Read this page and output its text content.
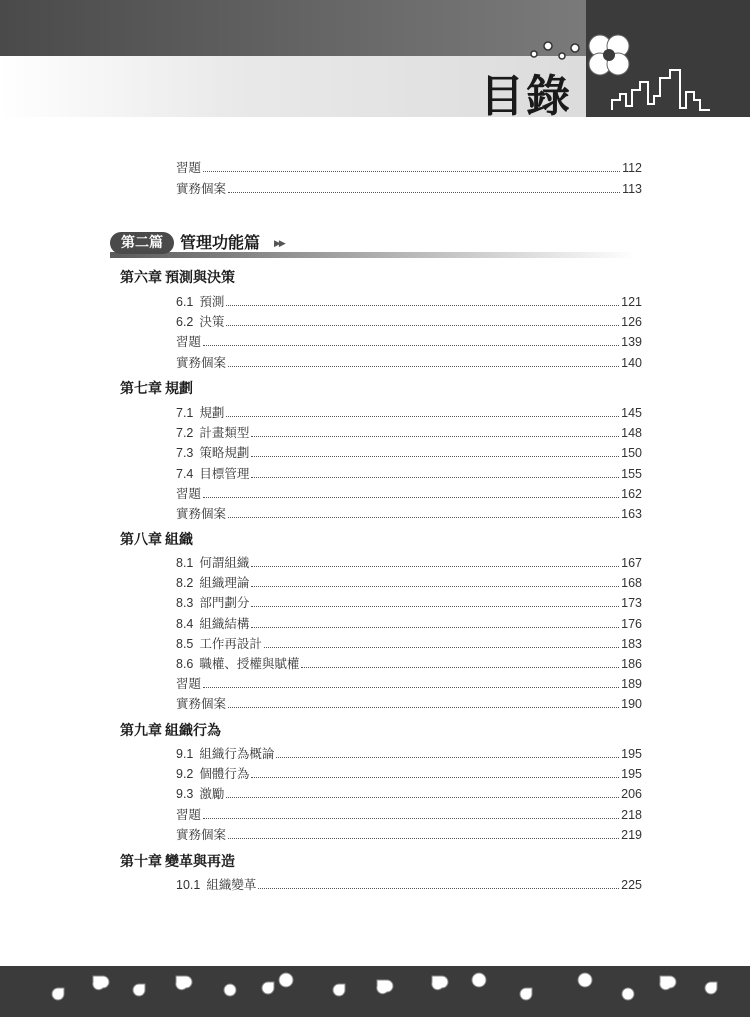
目錄
習題	112
實務個案	113
第二篇	管理功能篇 ▶▶
第六章 預測與決策
6.1 預測	121
6.2 決策	126
習題	139
實務個案	140
第七章 規劃
7.1 規劃	145
7.2 計畫類型	148
7.3 策略規劃	150
7.4 目標管理	155
習題	162
實務個案	163
第八章 組織
8.1 何謂組織	167
8.2 組織理論	168
8.3 部門劃分	173
8.4 組織結構	176
8.5 工作再設計	183
8.6 職權、授權與賦權	186
習題	189
實務個案	190
第九章 組織行為
9.1 組織行為概論	195
9.2 個體行為	195
9.3 激勵	206
習題	218
實務個案	219
第十章 變革與再造
10.1 組織變革	225
